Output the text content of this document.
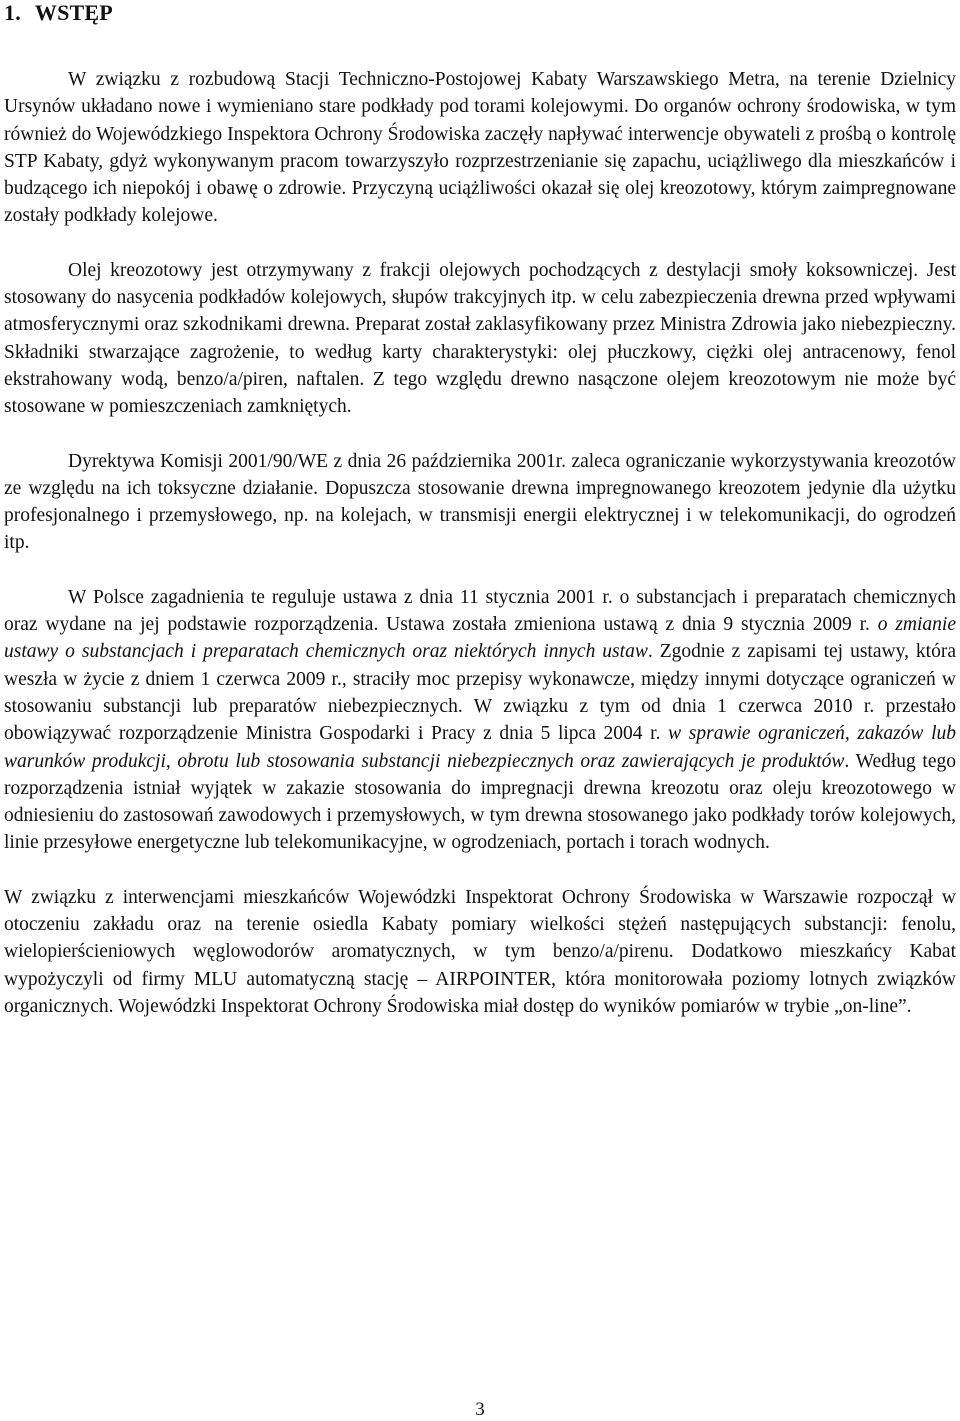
1. WSTĘP

W związku z rozbudową Stacji Techniczno-Postojowej Kabaty Warszawskiego Metra, na terenie Dzielnicy Ursynów układano nowe i wymieniano stare podkłady pod torami kolejowymi. Do organów ochrony środowiska, w tym również do Wojewódzkiego Inspektora Ochrony Środowiska zaczęły napływać interwencje obywateli z prośbą o kontrolę STP Kabaty, gdyż wykonywanym pracom towarzyszyło rozprzestrzenianie się zapachu, uciążliwego dla mieszkańców i budzącego ich niepokój i obawę o zdrowie. Przyczyną uciążliwości okazał się olej kreozotowy, którym zaimpregnowane zostały podkłady kolejowe.

Olej kreozotowy jest otrzymywany z frakcji olejowych pochodzących z destylacji smoły koksowniczej. Jest stosowany do nasycenia podkładów kolejowych, słupów trakcyjnych itp. w celu zabezpieczenia drewna przed wpływami atmosferycznymi oraz szkodnikami drewna. Preparat został zaklasyfikowany przez Ministra Zdrowia jako niebezpieczny. Składniki stwarzające zagrożenie, to według karty charakterystyki: olej płuczkowy, ciężki olej antracenowy, fenol ekstrahowany wodą, benzo/a/piren, naftalen. Z tego względu drewno nasączone olejem kreozotowym nie może być stosowane w pomieszczeniach zamkniętych.

Dyrektywa Komisji 2001/90/WE z dnia 26 października 2001r. zaleca ograniczanie wykorzystywania kreozotów ze względu na ich toksyczne działanie. Dopuszcza stosowanie drewna impregnowanego kreozotem jedynie dla użytku profesjonalnego i przemysłowego, np. na kolejach, w transmisji energii elektrycznej i w telekomunikacji, do ogrodzeń itp.

W Polsce zagadnienia te reguluje ustawa z dnia 11 stycznia 2001 r. o substancjach i preparatach chemicznych oraz wydane na jej podstawie rozporządzenia. Ustawa została zmieniona ustawą z dnia 9 stycznia 2009 r. o zmianie ustawy o substancjach i preparatach chemicznych oraz niektórych innych ustaw. Zgodnie z zapisami tej ustawy, która weszła w życie z dniem 1 czerwca 2009 r., straciły moc przepisy wykonawcze, między innymi dotyczące ograniczeń w stosowaniu substancji lub preparatów niebezpiecznych. W związku z tym od dnia 1 czerwca 2010 r. przestało obowiązywać rozporządzenie Ministra Gospodarki i Pracy z dnia 5 lipca 2004 r. w sprawie ograniczeń, zakazów lub warunków produkcji, obrotu lub stosowania substancji niebezpiecznych oraz zawierających je produktów. Według tego rozporządzenia istniał wyjątek w zakazie stosowania do impregnacji drewna kreozotu oraz oleju kreozotowego w odniesieniu do zastosowań zawodowych i przemysłowych, w tym drewna stosowanego jako podkłady torów kolejowych, linie przesyłowe energetyczne lub telekomunikacyjne, w ogrodzeniach, portach i torach wodnych.

W związku z interwencjami mieszkańców Wojewódzki Inspektorat Ochrony Środowiska w Warszawie rozpoczął w otoczeniu zakładu oraz na terenie osiedla Kabaty pomiary wielkości stężeń następujących substancji: fenolu, wielopierścieniowych węglowodorów aromatycznych, w tym benzo/a/pirenu. Dodatkowo mieszkańcy Kabat wypożyczyli od firmy MLU automatyczną stację – AIRPOINTER, która monitorowała poziomy lotnych związków organicznych. Wojewódzki Inspektorat Ochrony Środowiska miał dostęp do wyników pomiarów w trybie „on-line”.

3
